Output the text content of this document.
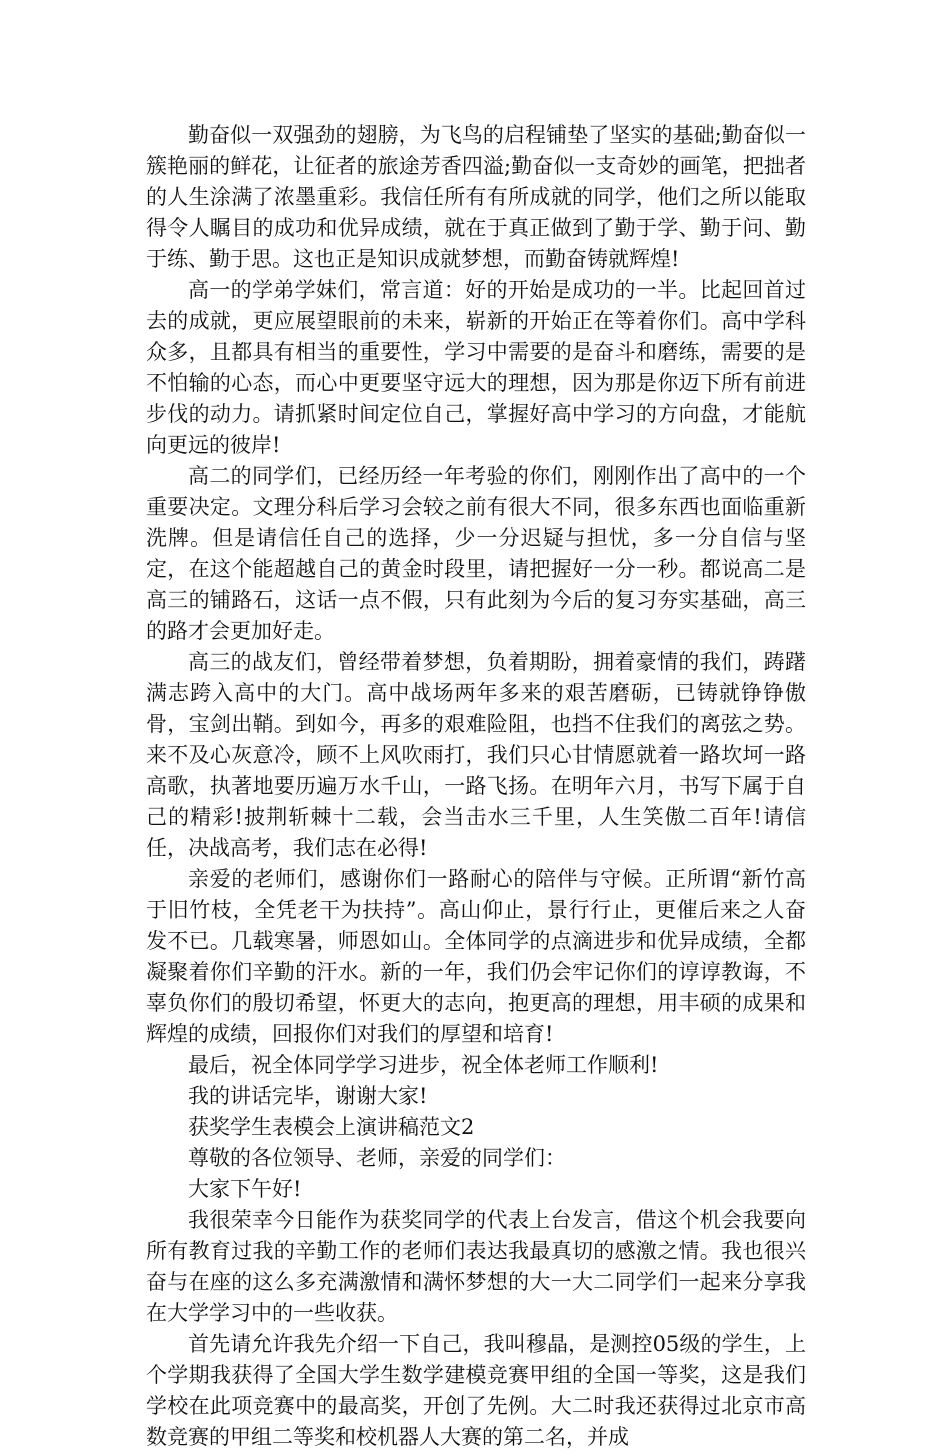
勤奋似一双强劲的翅膀，为飞鸟的启程铺垫了坚实的基础;勤奋似一簇艳丽的鲜花，让征者的旅途芳香四溢;勤奋似一支奇妙的画笔，把拙者的人生涂满了浓墨重彩。我信任所有有所成就的同学，他们之所以能取得令人瞩目的成功和优异成绩，就在于真正做到了勤于学、勤于问、勤于练、勤于思。这也正是知识成就梦想，而勤奋铸就辉煌!

高一的学弟学妹们，常言道：好的开始是成功的一半。比起回首过去的成就，更应展望眼前的未来，崭新的开始正在等着你们。高中学科众多，且都具有相当的重要性，学习中需要的是奋斗和磨练，需要的是不怕输的心态，而心中更要坚守远大的理想，因为那是你迈下所有前进步伐的动力。请抓紧时间定位自己，掌握好高中学习的方向盘，才能航向更远的彼岸!

高二的同学们，已经历经一年考验的你们，刚刚作出了高中的一个重要决定。文理分科后学习会较之前有很大不同，很多东西也面临重新洗牌。但是请信任自己的选择，少一分迟疑与担忧，多一分自信与坚定，在这个能超越自己的黄金时段里，请把握好一分一秒。都说高二是高三的铺路石，这话一点不假，只有此刻为今后的复习夯实基础，高三的路才会更加好走。

高三的战友们，曾经带着梦想，负着期盼，拥着豪情的我们，踌躇满志跨入高中的大门。高中战场两年多来的艰苦磨砺，已铸就铮铮傲骨，宝剑出鞘。到如今，再多的艰难险阻，也挡不住我们的离弦之势。来不及心灰意冷，顾不上风吹雨打，我们只心甘情愿就着一路坎坷一路高歌，执著地要历遍万水千山，一路飞扬。在明年六月，书写下属于自己的精彩!披荆斩棘十二载，会当击水三千里，人生笑傲二百年!请信任，决战高考，我们志在必得!

亲爱的老师们，感谢你们一路耐心的陪伴与守候。正所谓“新竹高于旧竹枝，全凭老干为扶持”。高山仰止，景行行止，更催后来之人奋发不已。几载寒暑，师恩如山。全体同学的点滴进步和优异成绩，全都凝聚着你们辛勤的汗水。新的一年，我们仍会牢记你们的谆谆教诲，不辜负你们的殷切希望，怀更大的志向，抱更高的理想，用丰硕的成果和辉煌的成绩，回报你们对我们的厚望和培育!

最后，祝全体同学学习进步，祝全体老师工作顺利!

我的讲话完毕，谢谢大家!

获奖学生表模会上演讲稿范文2

尊敬的各位领导、老师，亲爱的同学们：

大家下午好!

我很荣幸今日能作为获奖同学的代表上台发言，借这个机会我要向所有教育过我的辛勤工作的老师们表达我最真切的感激之情。我也很兴奋与在座的这么多充满激情和满怀梦想的大一大二同学们一起来分享我在大学学习中的一些收获。

首先请允许我先介绍一下自己，我叫穆晶，是测控05级的学生，上个学期我获得了全国大学生数学建模竞赛甲组的全国一等奖，这是我们学校在此项竞赛中的最高奖，开创了先例。大二时我还获得过北京市高数竞赛的甲组二等奖和校机器人大赛的第二名，并成
